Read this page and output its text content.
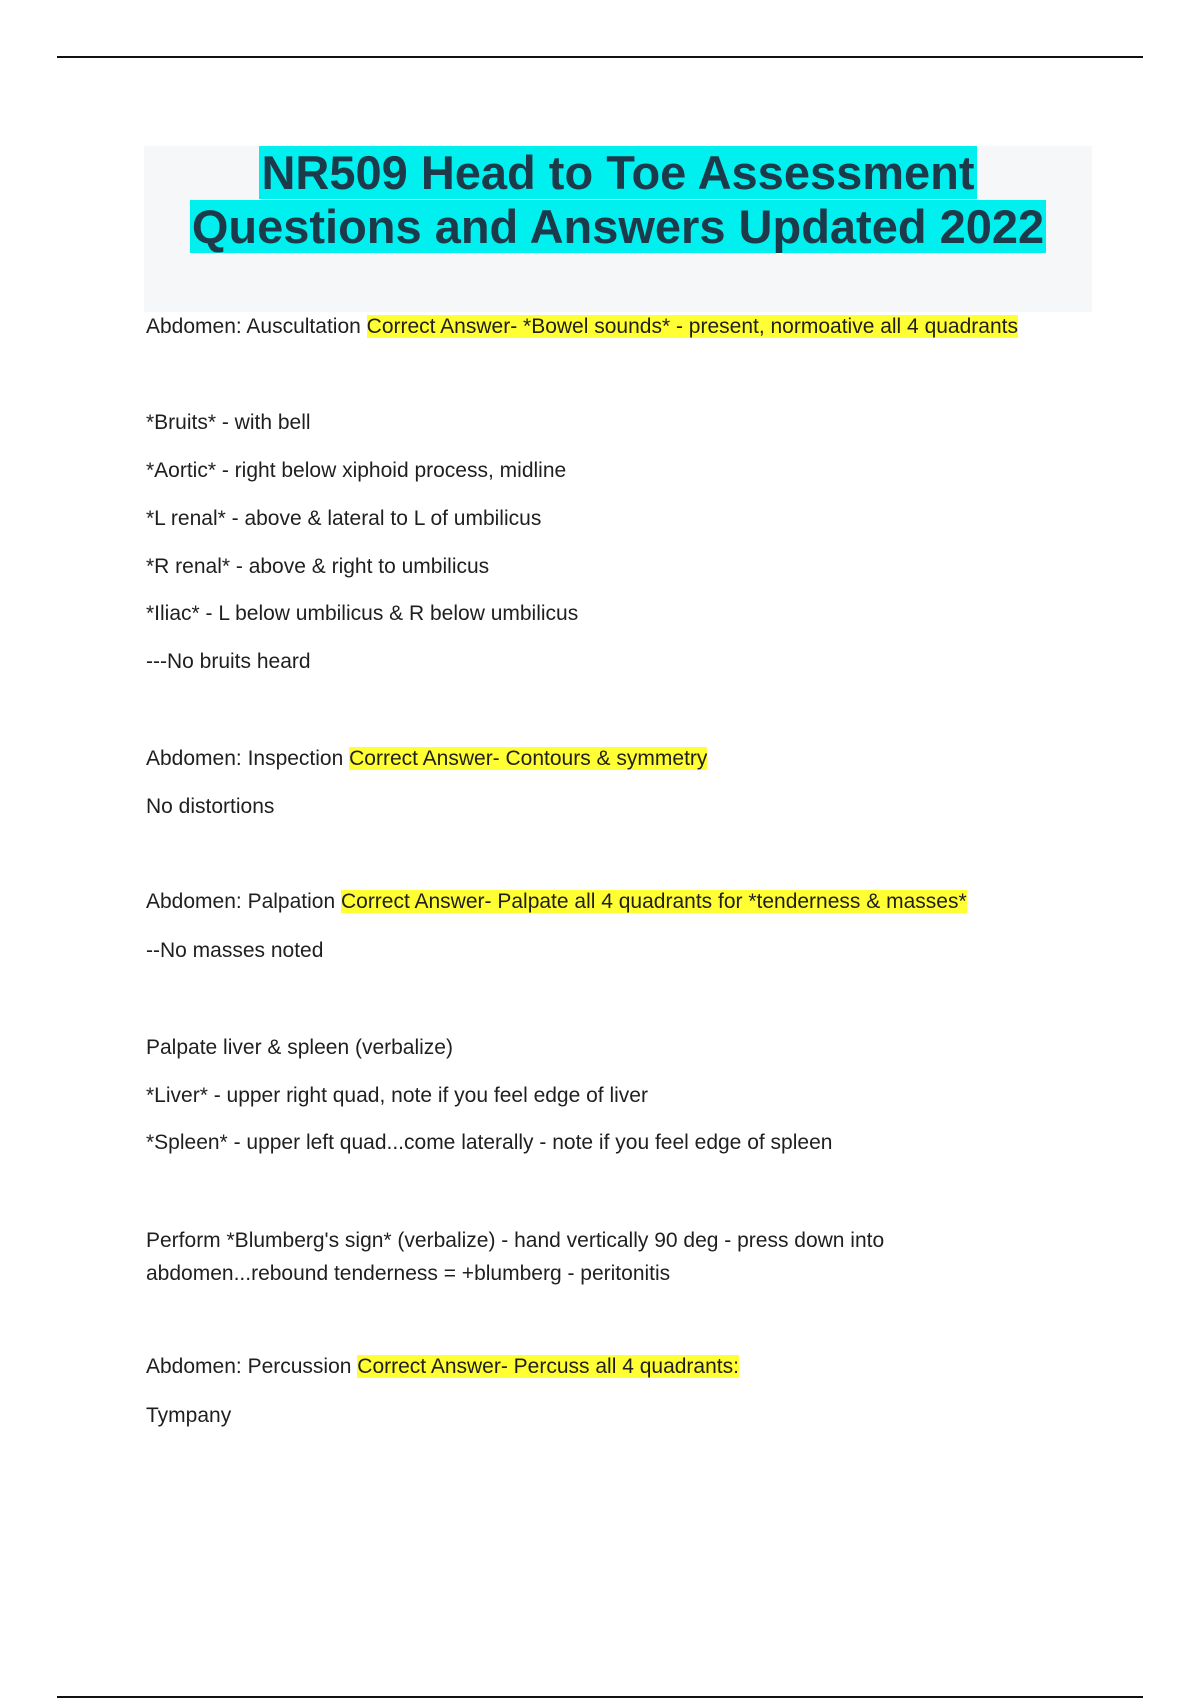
NR509 Head to Toe Assessment
Questions and Answers Updated 2022
Abdomen: Auscultation Correct Answer- *Bowel sounds* - present, normoative all 4 quadrants
*Bruits* - with bell
*Aortic* - right below xiphoid process, midline
*L renal* - above & lateral to L of umbilicus
*R renal* - above & right to umbilicus
*Iliac* - L below umbilicus & R below umbilicus
---No bruits heard
Abdomen: Inspection Correct Answer- Contours & symmetry
No distortions
Abdomen: Palpation Correct Answer- Palpate all 4 quadrants for *tenderness & masses*
--No masses noted
Palpate liver & spleen (verbalize)
*Liver* - upper right quad, note if you feel edge of liver
*Spleen* - upper left quad...come laterally - note if you feel edge of spleen
Perform *Blumberg's sign* (verbalize) - hand vertically 90 deg - press down into abdomen...rebound tenderness = +blumberg - peritonitis
Abdomen: Percussion Correct Answer- Percuss all 4 quadrants:
Tympany
